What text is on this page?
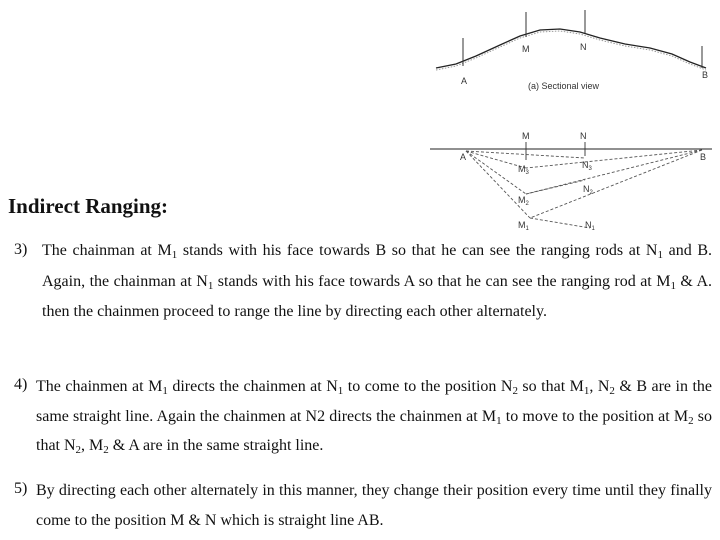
A
M	N
B
(a) Sectional view
M	N
A	B
$M_3$
$N_3$
$N_2$
$M_2$
$M_1$	$N_1$
Indirect Ranging:
3) The chainman at $M_1$ stands with his face towards B so that he can see the ranging rods at $N_1$ and B. Again, the chainman at $N_1$ stands with his face towards A so that he can see the ranging rod at $M_1$ & A. then the chainmen proceed to range the line by directing each other alternately.
4) The chainmen at $M_1$ directs the chainmen at $N_1$ to come to the position $N_2$ so that $M_1$, $N_2$ & B are in the same straight line. Again the chainmen at N2 directs the chainmen at $M_1$ to move to the position at $M_2$ so that $N_2$, $M_2$ & A are in the same straight line.
5) By directing each other alternately in this manner, they change their position every time until they finally come to the position M & N which is straight line AB.
